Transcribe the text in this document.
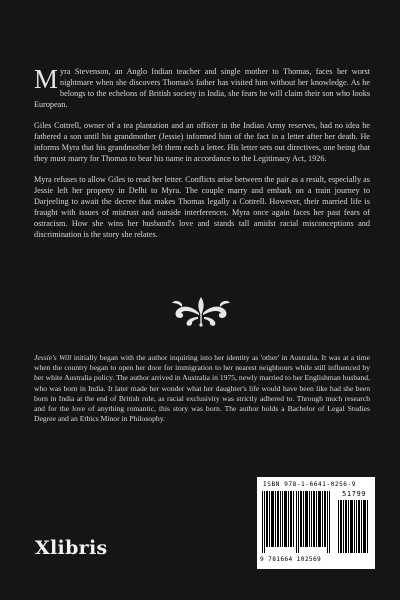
Myra Stevenson, an Anglo Indian teacher and single mother to Thomas, faces her worst nightmare when she discovers Thomas's father has visited him without her knowledge. As he belongs to the echelons of British society in India, she fears he will claim their son who looks European.

Giles Cottrell, owner of a tea plantation and an officer in the Indian Army reserves, had no idea he fathered a son until his grandmother (Jessie) informed him of the fact in a letter after her death. He informs Myra that his grandmother left them each a letter. His letter sets out directives, one being that they must marry for Thomas to bear his name in accordance to the Legitimacy Act, 1926.

Myra refuses to allow Giles to read her letter. Conflicts arise between the pair as a result, especially as Jessie left her property in Delhi to Myra. The couple marry and embark on a train journey to Darjeeling to await the decree that makes Thomas legally a Cottrell. However, their married life is fraught with issues of mistrust and outside interferences. Myra once again faces her past fears of ostracism. How she wins her husband's love and stands tall amidst racial misconceptions and discrimination is the story she relates.

Jessie's Will initially began with the author inquiring into her identity as 'other' in Australia. It was at a time when the country began to open her door for immigration to her nearest neighbours while still influenced by her white Australia policy. The author arrived in Australia in 1975, newly married to her Englishman husband, who was born in India. It later made her wonder what her daughter's life would have been like had she been born in India at the end of British rule, as racial exclusivity was strictly adhered to. Through much research and for the love of anything romantic, this story was born. The author holds a Bachelor of Legal Studies Degree and an Ethics Minor in Philosophy.

Xlibris
ISBN 978-1-6641-0256-9
51799
9 781664 102569
